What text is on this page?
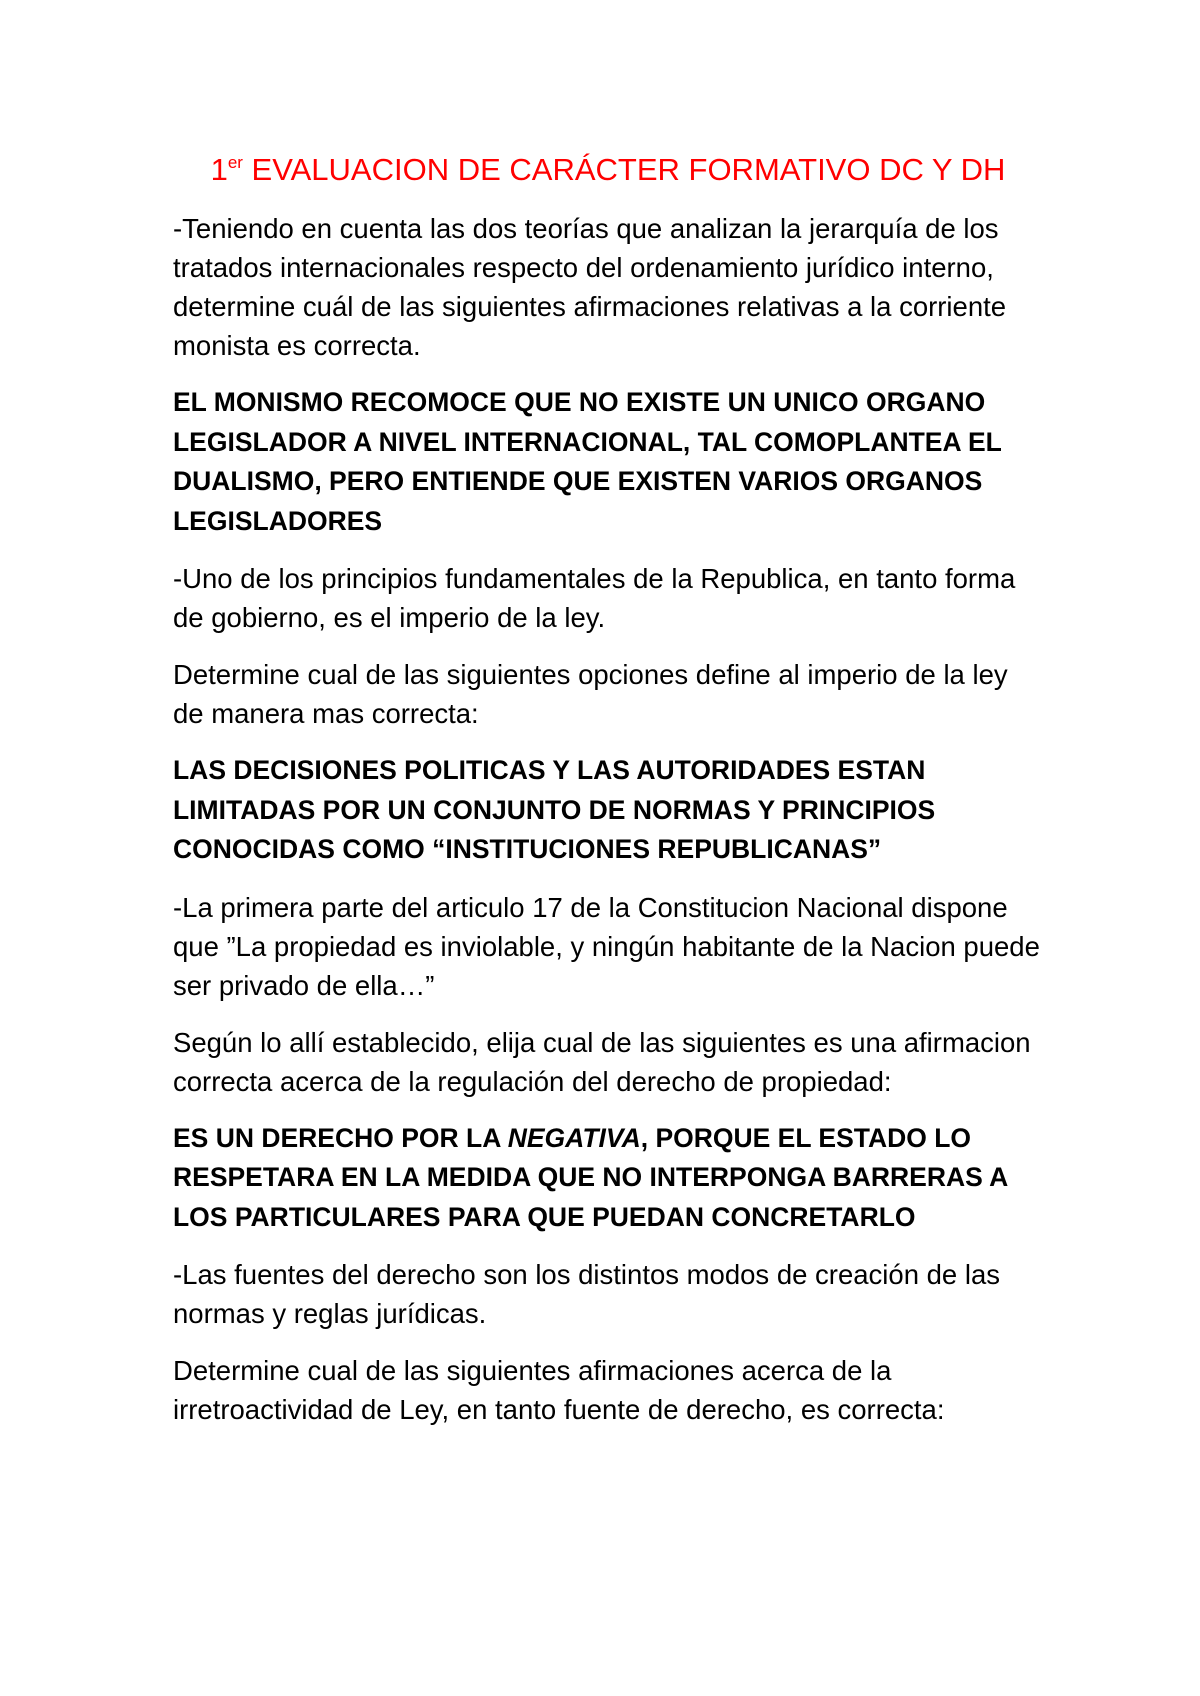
1er EVALUACION DE CARÁCTER FORMATIVO DC Y DH

-Teniendo en cuenta las dos teorías que analizan la jerarquía de los tratados internacionales respecto del ordenamiento jurídico interno, determine cuál de las siguientes afirmaciones relativas a la corriente monista es correcta.

EL MONISMO RECOMOCE QUE NO EXISTE UN UNICO ORGANO LEGISLADOR A NIVEL INTERNACIONAL, TAL COMOPLANTEA EL DUALISMO, PERO ENTIENDE QUE EXISTEN VARIOS ORGANOS LEGISLADORES

-Uno de los principios fundamentales de la Republica, en tanto forma de gobierno, es el imperio de la ley.

Determine cual de las siguientes opciones define al imperio de la ley de manera mas correcta:

LAS DECISIONES POLITICAS Y LAS AUTORIDADES ESTAN LIMITADAS POR UN CONJUNTO DE NORMAS Y PRINCIPIOS CONOCIDAS COMO “INSTITUCIONES REPUBLICANAS”

-La primera parte del articulo 17 de la Constitucion Nacional dispone que ”La propiedad es inviolable, y ningún habitante de la Nacion puede ser privado de ella…”

Según lo allí establecido, elija cual de las siguientes es una afirmacion correcta acerca de la regulación del derecho de propiedad:

ES UN DERECHO POR LA NEGATIVA, PORQUE EL ESTADO LO RESPETARA EN LA MEDIDA QUE NO INTERPONGA BARRERAS A LOS PARTICULARES PARA QUE PUEDAN CONCRETARLO

-Las fuentes del derecho son los distintos modos de creación de las normas y reglas jurídicas.

Determine cual de las siguientes afirmaciones acerca de la irretroactividad de Ley, en tanto fuente de derecho, es correcta:
